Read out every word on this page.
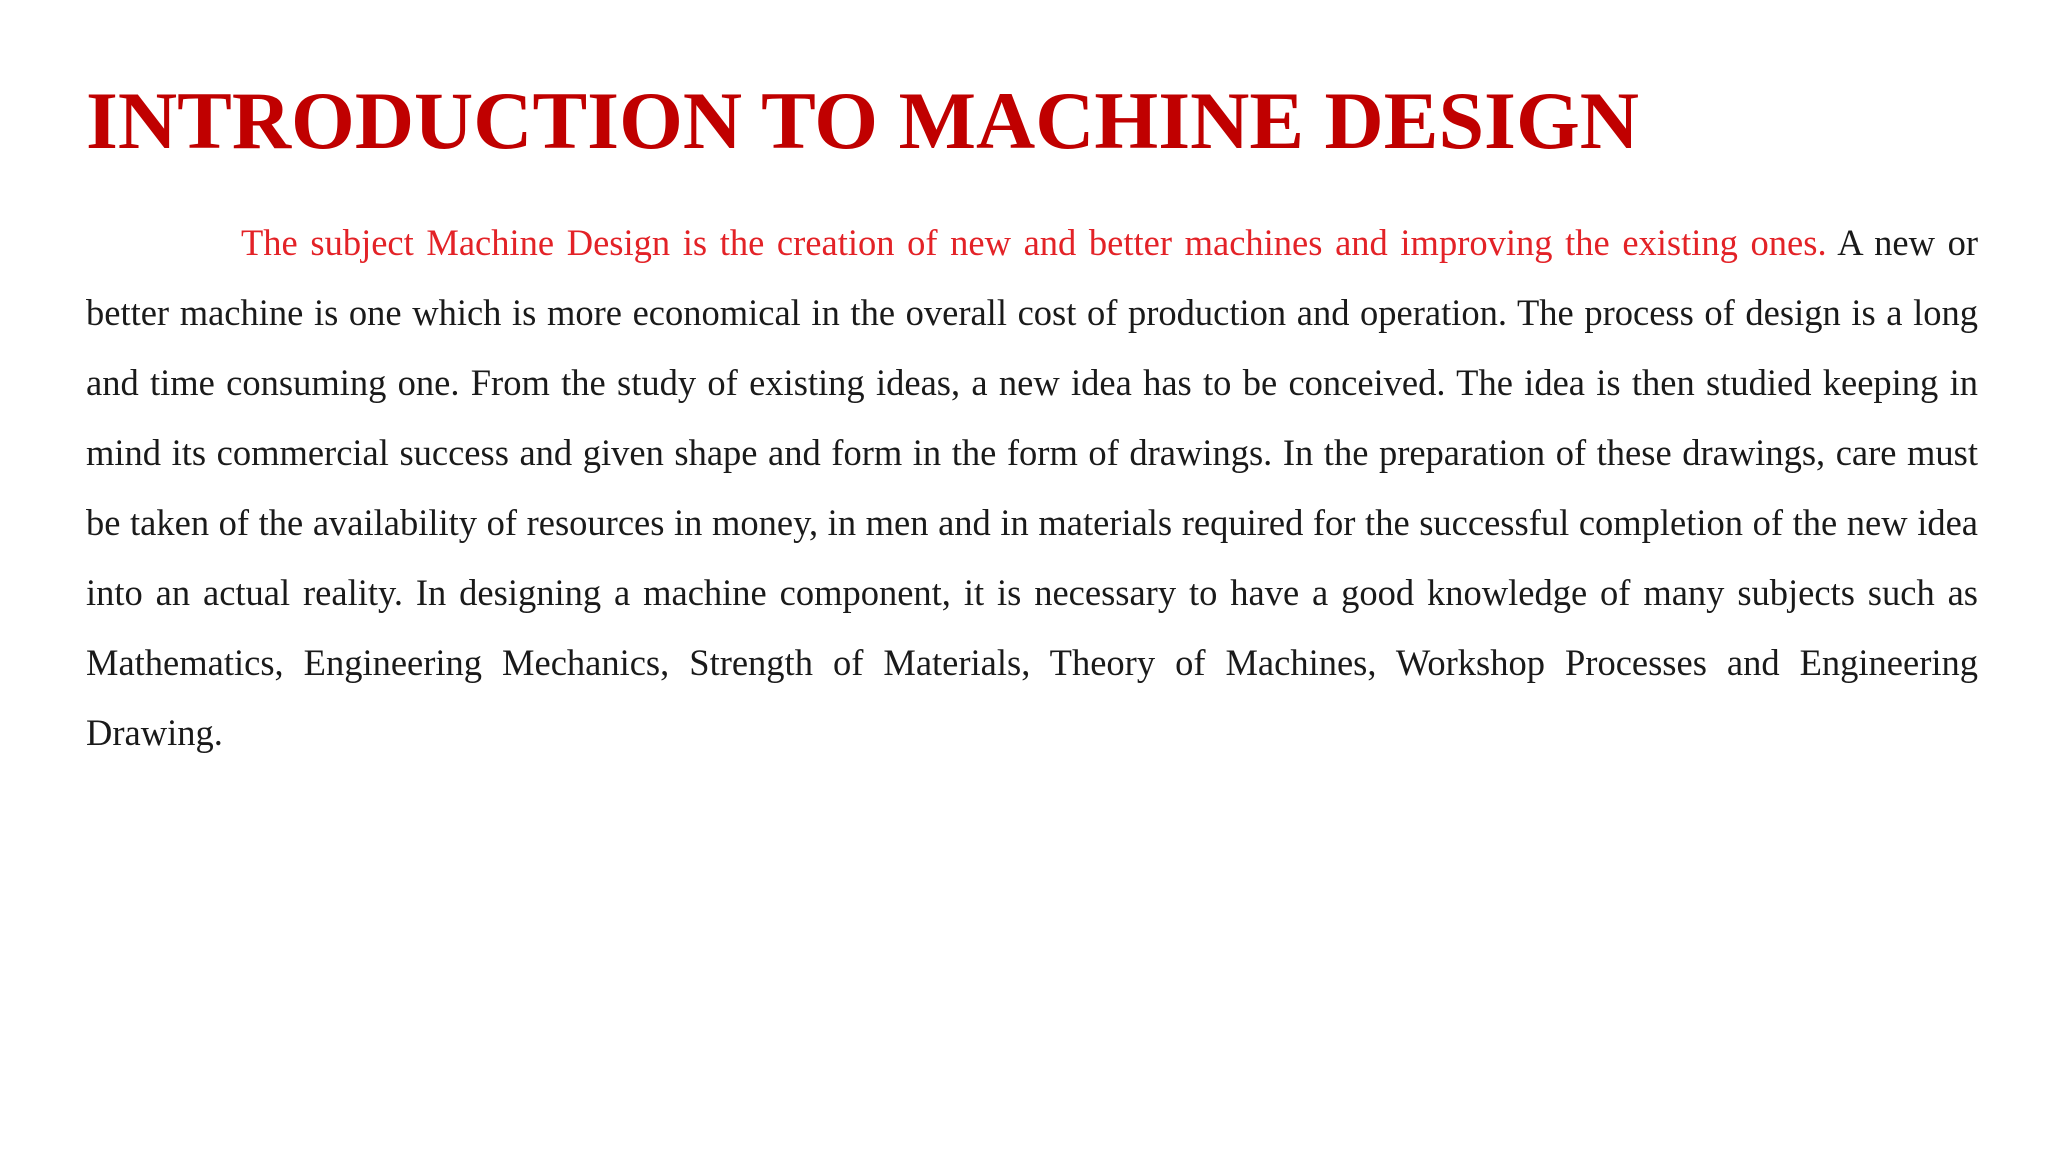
INTRODUCTION TO MACHINE DESIGN

The subject Machine Design is the creation of new and better machines and improving the existing ones. A new or better machine is one which is more economical in the overall cost of production and operation. The process of design is a long and time consuming one. From the study of existing ideas, a new idea has to be conceived. The idea is then studied keeping in mind its commercial success and given shape and form in the form of drawings. In the preparation of these drawings, care must be taken of the availability of resources in money, in men and in materials required for the successful completion of the new idea into an actual reality. In designing a machine component, it is necessary to have a good knowledge of many subjects such as Mathematics, Engineering Mechanics, Strength of Materials, Theory of Machines, Workshop Processes and Engineering Drawing.
